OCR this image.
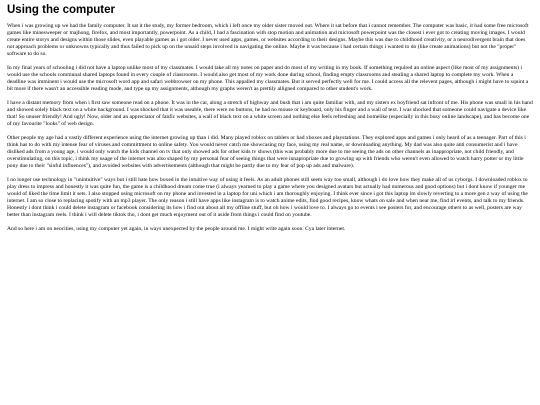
Using the computer

When i was growing up we had the family computer. It sat it the study, my former bedroom, which i left once my older sister moved out. Where it sat before that i cannot remember. The computer was basic, it had some free microsoft games like minesweeper or majhong, firefox, and most importantly, powerpoint. As a child, I had a fascination with stop motion and animation and microsoft powerpoint was the closest i ever got to creating moving images. I would create entire storys and designs within those slides, even playable games as i got older. I never used apps, games, or websites according to their designs. Maybe this was due to childhood creativity, or a neurodivergent brain that does not approach problems or unknowns typically and thus failed to pick up on the unsaid steps involved in navigating the online. Maybe it was because i had certain things i wanted to do (like create animations) but not the "proper" software to do so.

In my final years of schooling i did not have a laptop unlike most of my classmates. I would take all my notes on paper and do most of my writing in my book. If something required an online aspect (like most of my assignments) i would use the schools communal shared laptops found in every couple of classrooms. I would also get most of my work done during school, finding empty classrooms and stealing a shared laptop to complete my work. When a deadline was imminent i would use the microsoft word app and safari webbrowser on my phone. This appalled my classmates. But it served perfectly well for me. I could access all the relevent pages, although i might have to squint a bit more if there wasn't an accessible reading mode, and type up my assignments, although my graphs weren't as prettily alligned compared to other student's work.

I have a distant memory from when i first saw someone read on a phone. It was in the car, along a stretch of highway and bush that i am quite familiar with, and my sisters ex boyfriend sat infront of me. His phone was small in his hand and showed solely black text on a white background. I was shocked that it was useable, there were no buttons, he had no mouse or keyboard, only his finger and a wall of text. I was shocked that someone could navigate a device like that! So unuser friendly! And ugly! Now, older and an appreciator of fanfic websites, a wall of black text on a white screen and nothing else feels refreshing and homelike (especially in this busy online landscape), and has become one of my favourite "looks" of web design.

Other people my age had a vastly different experience using the internet growing up than i did. Many played roblox on tablets or had xboxes and playstations. They explored apps and games i only heard of as a teenager. Part of this i think has to do with my intense fear of viruses and committment to online safety. You would never catch me showcasing my face, using my real name, or downloading anything. My dad was also quite anti consumerist and i have disliked ads from a young age, i would only watch the kids channel on tv that only showed ads for other kids tv shows (this was probably more due to me seeing the ads on other channels as inappropriate, not child friendly, and overstimulating, on this topic, i think my usage of the internet was also shaped by my personal fear of seeing things that were innapropriate due to growing up with friends who weren't even allowed to watch harry potter or my little pony due to their "sinful influences"), and avoided websites with advertisements (although that might be partly due to my fear of pop up ads and malware).

I no longer use technology in "unintuitive" ways but i still hate how boxed in the intuitive way of using it feels. As an adult phones still seem way too small, although i do love how they make all of us cyborgs. I downloaded roblox to play dress to impress and honestly it was quite fun, the game is a childhood dream come true (i always yearned to play a game where you designed avatars but actually had numerous and good options) but i dont know if younger me would of liked the time limit it sets. I also stopped using microsoft on my phone and invested in a laptop for uni which i am thoroughly enjoying. I think ever since i got this laptop im slowly reverting to a more gen z way of using the internet. I am so close to replacing spotify with an mp3 player. The only reason i still have apps like instagram is to watch anime edits, find good recipes, know whats on sale and when near me, find irl events, and talk to my friends. Honestly i dont think i could delete instagram or facebook considering its how i find out about all my offline stuff, but oh how i would love to. I always go to events i see posters for, and encourage others to as well, posters are way better than instagram reels. I think i will delete tiktok tho, i dont get much enjoyment out of it aside from things i could find on youtube.

And so here i am on neocities, using my computer yet again, in ways unexpected by the people around me. I might write again soon. Cya later internet.
